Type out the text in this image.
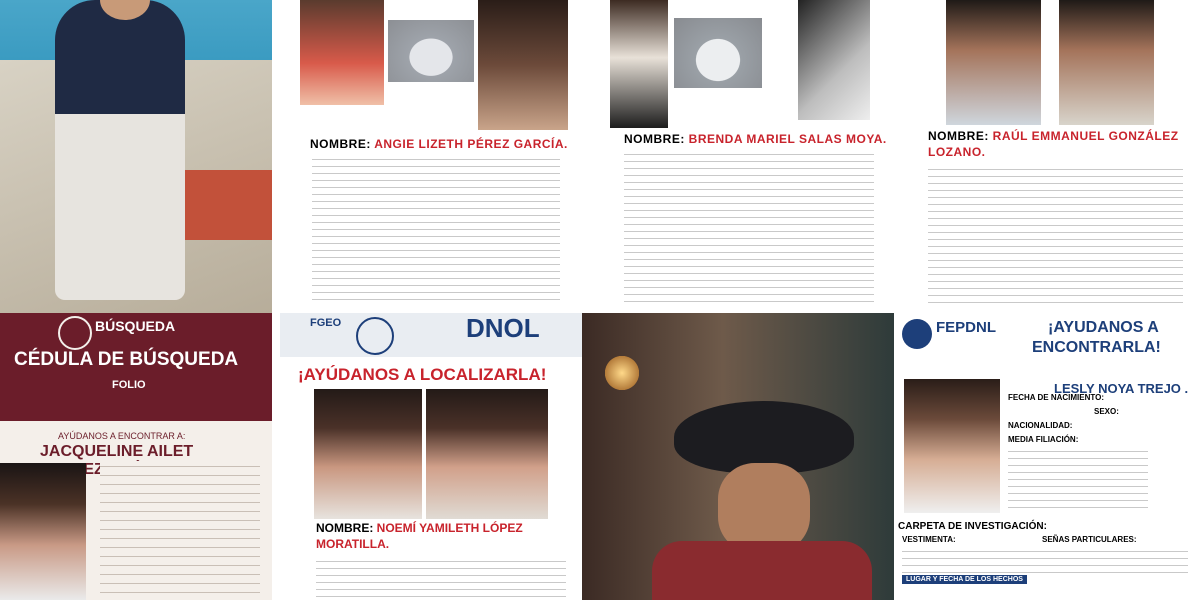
NOMBRE: ANGIE LIZETH PÉREZ GARCÍA.	NOMBRE: BRENDA MARIEL SALAS MOYA.	NOMBRE: RAÚL EMMANUEL GONZÁLEZ
LOZANO.
BÚSQUEDA
CÉDULA DE BÚSQUEDA
FOLIO
AYÚDANOS A ENCONTRAR A:
JACQUELINE AILET
MEZA
FGEO	DNOL
¡AYÚDANOS A LOCALIZARLA!
NOMBRE: NOEMÍ YAMILETH LÓPEZ
MORATILLA.
FEPDNL	¡AYUDANOS A
ENCONTRARLA!
LESLY NOYA TREJO .
FECHA DE NACIMIENTO:
SEXO:
NACIONALIDAD:
MEDIA FILIACIÓN:
CARPETA DE INVESTIGACIÓN:
VESTIMENTA:	SEÑAS PARTICULARES:
LUGAR Y FECHA DE LOS HECHOS
